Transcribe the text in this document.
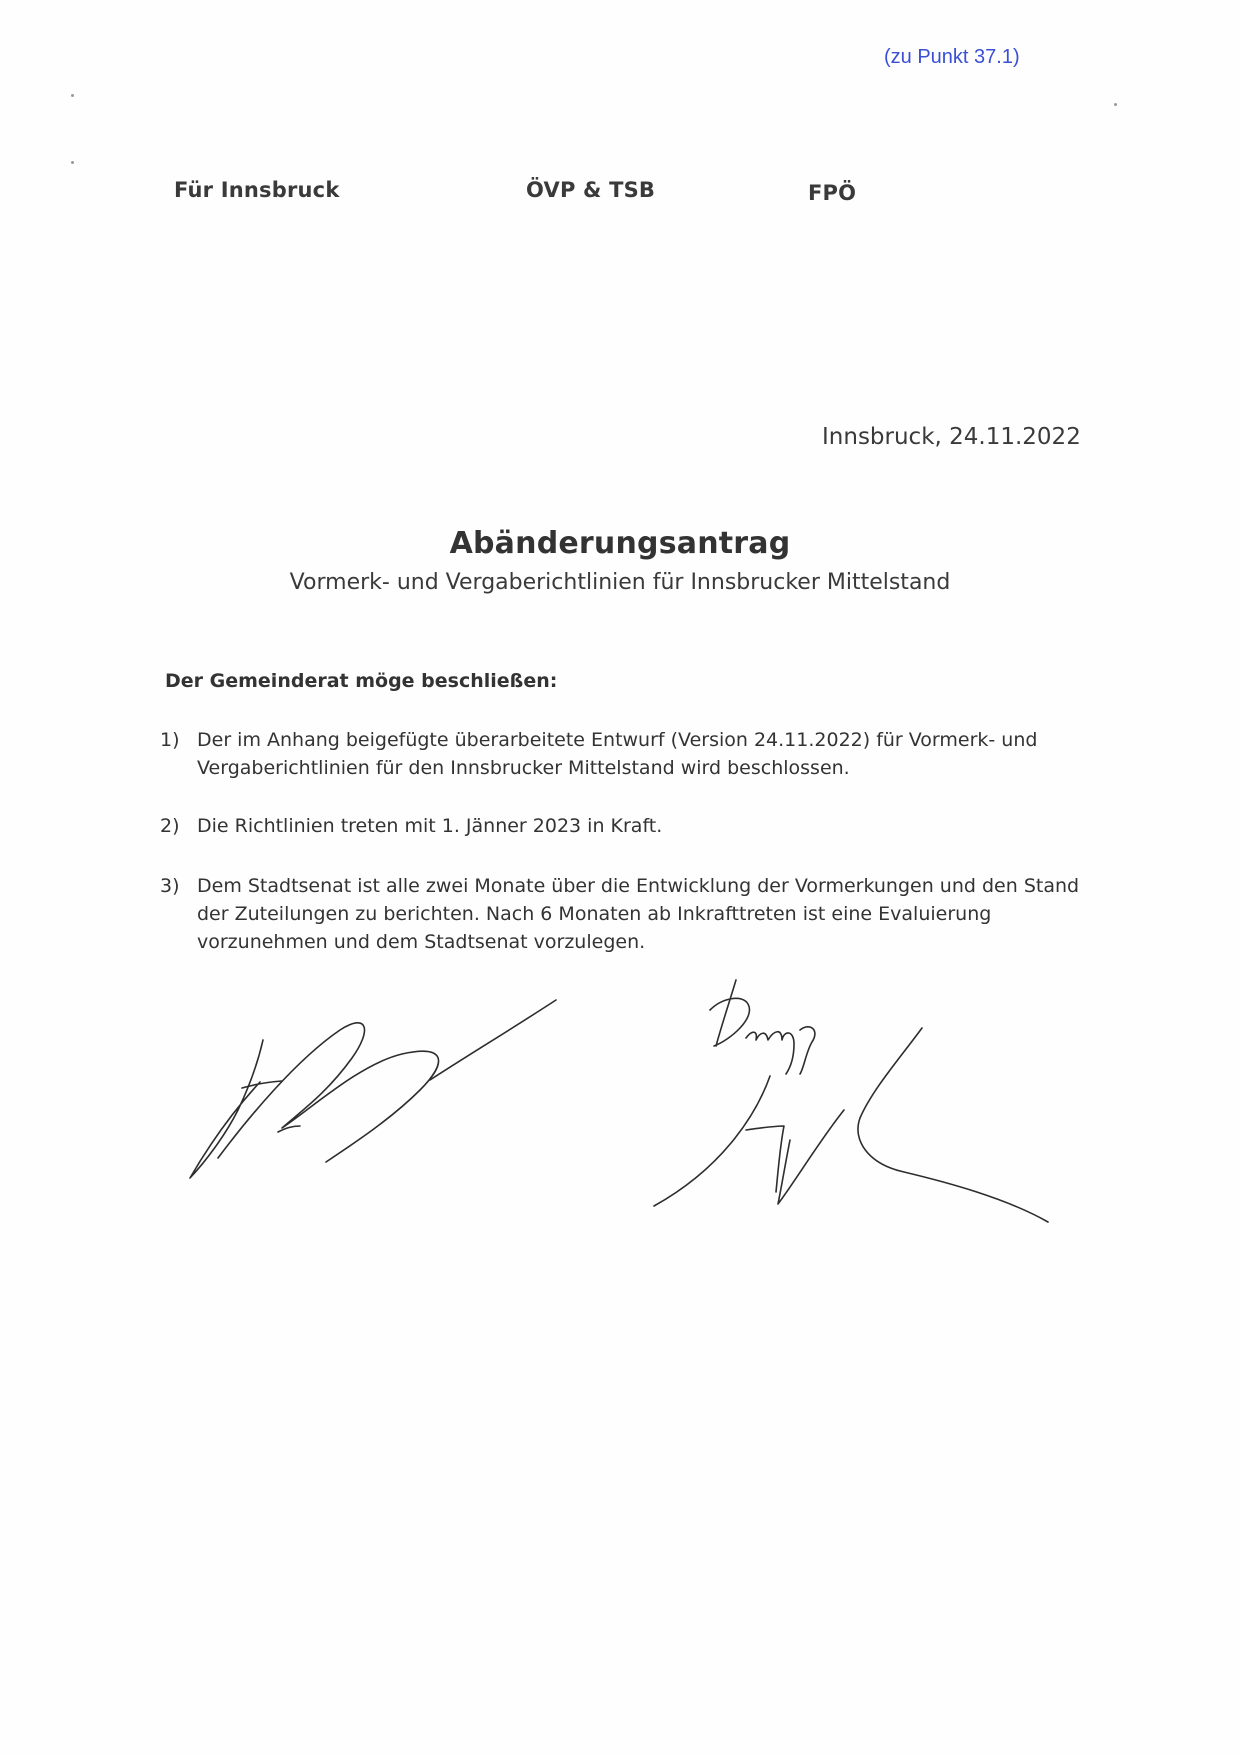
(zu Punkt 37.1)
Für Innsbruck	ÖVP & TSB	FPÖ
Innsbruck, 24.11.2022
Abänderungsantrag
Vormerk- und Vergaberichtlinien für Innsbrucker Mittelstand
Der Gemeinderat möge beschließen:
1) Der im Anhang beigefügte überarbeitete Entwurf (Version 24.11.2022) für Vormerk- und Vergaberichtlinien für den Innsbrucker Mittelstand wird beschlossen.
2) Die Richtlinien treten mit 1. Jänner 2023 in Kraft.
3) Dem Stadtsenat ist alle zwei Monate über die Entwicklung der Vormerkungen und den Stand der Zuteilungen zu berichten. Nach 6 Monaten ab Inkrafttreten ist eine Evaluierung vorzunehmen und dem Stadtsenat vorzulegen.
